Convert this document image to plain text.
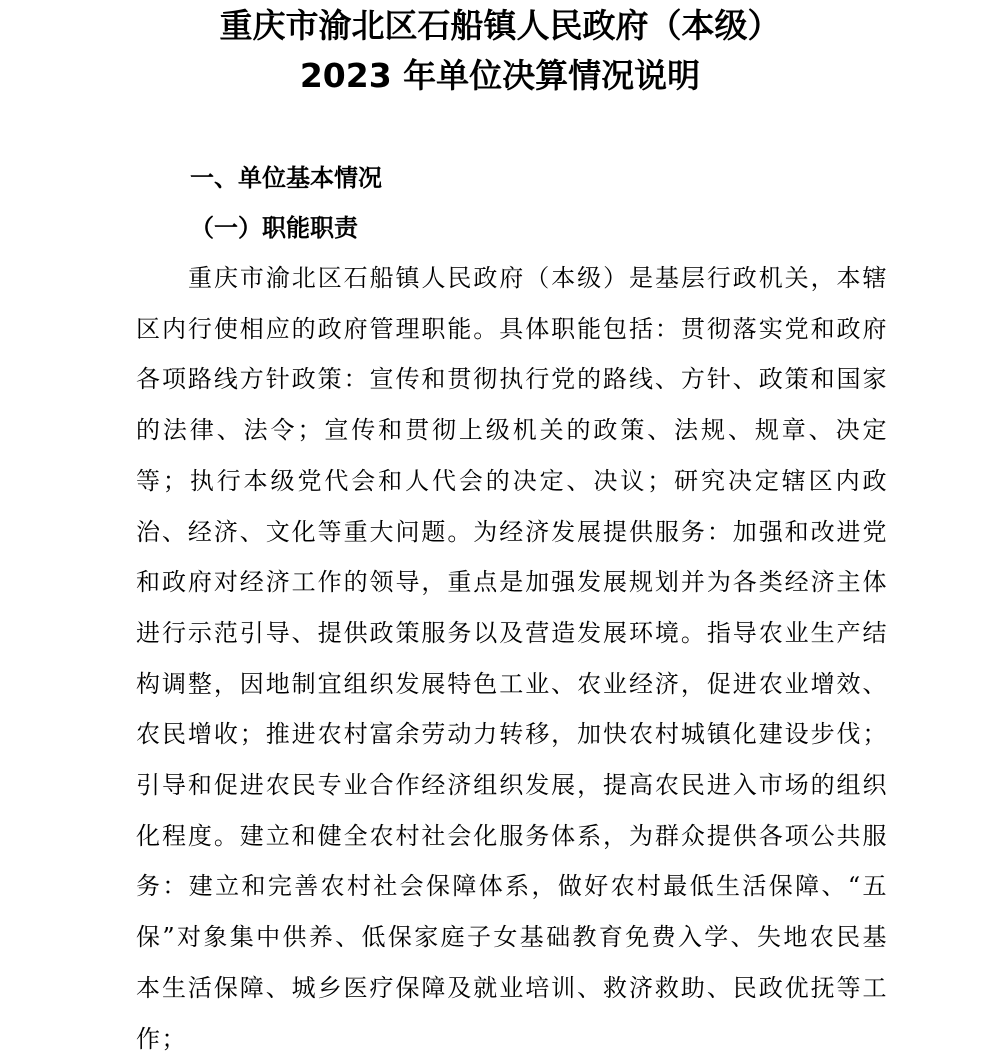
重庆市渝北区石船镇人民政府（本级）
2023 年单位决算情况说明
一、单位基本情况
（一）职能职责

重庆市渝北区石船镇人民政府（本级）是基层行政机关，本辖区内行使相应的政府管理职能。具体职能包括：贯彻落实党和政府各项路线方针政策：宣传和贯彻执行党的路线、方针、政策和国家的法律、法令；宣传和贯彻上级机关的政策、法规、规章、决定等；执行本级党代会和人代会的决定、决议；研究决定辖区内政治、经济、文化等重大问题。为经济发展提供服务：加强和改进党和政府对经济工作的领导，重点是加强发展规划并为各类经济主体进行示范引导、提供政策服务以及营造发展环境。指导农业生产结构调整，因地制宜组织发展特色工业、农业经济，促进农业增效、农民增收；推进农村富余劳动力转移，加快农村城镇化建设步伐；引导和促进农民专业合作经济组织发展，提高农民进入市场的组织化程度。建立和健全农村社会化服务体系，为群众提供各项公共服务：建立和完善农村社会保障体系，做好农村最低生活保障、“五保”对象集中供养、低保家庭子女基础教育免费入学、失地农民基本生活保障、城乡医疗保障及就业培训、救济救助、民政优抚等工作；
